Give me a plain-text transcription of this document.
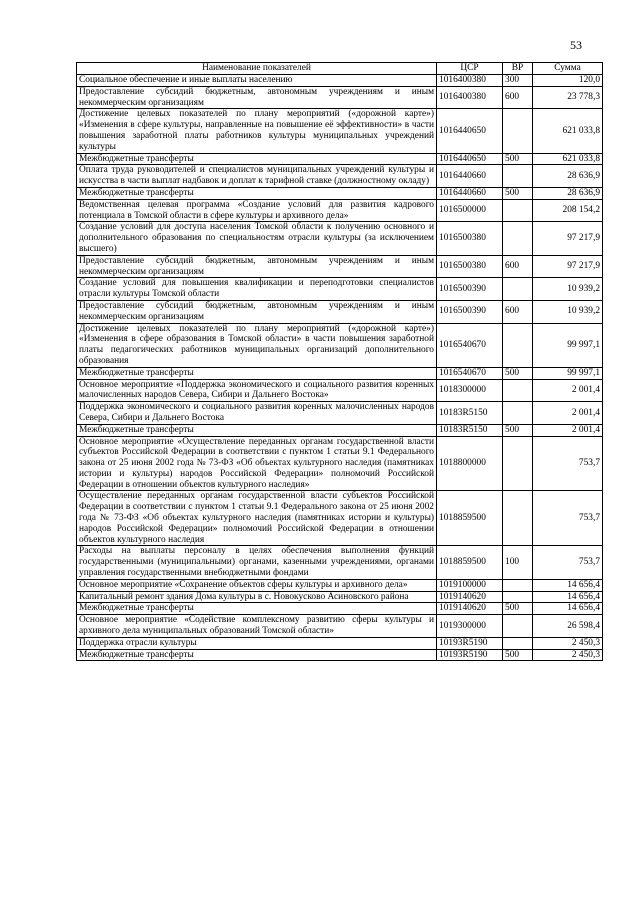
53
Наименование показателей	ЦСР	ВР	Сумма
Социальное обеспечение и иные выплаты населению	1016400380	300	120,0
Предоставление субсидий бюджетным, автономным учреждениям и иным некоммерческим организациям	1016400380	600	23 778,3
Достижение целевых показателей по плану мероприятий («дорожной карте») «Изменения в сфере культуры, направленные на повышение её эффективности» в части повышения заработной платы работников культуры муниципальных учреждений культуры	1016440650		621 033,8
Межбюджетные трансферты	1016440650	500	621 033,8
Оплата труда руководителей и специалистов муниципальных учреждений культуры и искусства в части выплат надбавок и доплат к тарифной ставке (должностному окладу)	1016440660		28 636,9
Межбюджетные трансферты	1016440660	500	28 636,9
Ведомственная целевая программа «Создание условий для развития кадрового потенциала в Томской области в сфере культуры и архивного дела»	1016500000		208 154,2
Создание условий для доступа населения Томской области к получению основного и дополнительного образования по специальностям отрасли культуры (за исключением высшего)	1016500380		97 217,9
Предоставление субсидий бюджетным, автономным учреждениям и иным некоммерческим организациям	1016500380	600	97 217,9
Создание условий для повышения квалификации и переподготовки специалистов отрасли культуры Томской области	1016500390		10 939,2
Предоставление субсидий бюджетным, автономным учреждениям и иным некоммерческим организациям	1016500390	600	10 939,2
Достижение целевых показателей по плану мероприятий («дорожной карте») «Изменения в сфере образования в Томской области» в части повышения заработной платы педагогических работников муниципальных организаций дополнительного образования	1016540670		99 997,1
Межбюджетные трансферты	1016540670	500	99 997,1
Основное мероприятие «Поддержка экономического и социального развития коренных малочисленных народов Севера, Сибири и Дальнего Востока»	1018300000		2 001,4
Поддержка экономического и социального развития коренных малочисленных народов Севера, Сибири и Дальнего Востока	10183R5150		2 001,4
Межбюджетные трансферты	10183R5150	500	2 001,4
Основное мероприятие «Осуществление переданных органам государственной власти субъектов Российской Федерации в соответствии с пунктом 1 статьи 9.1 Федерального закона от 25 июня 2002 года № 73-ФЗ «Об объектах культурного наследия (памятниках истории и культуры) народов Российской Федерации» полномочий Российской Федерации в отношении объектов культурного наследия»	1018800000		753,7
Осуществление переданных органам государственной власти субъектов Российской Федерации в соответствии с пунктом 1 статьи 9.1 Федерального закона от 25 июня 2002 года № 73-ФЗ «Об объектах культурного наследия (памятниках истории и культуры) народов Российской Федерации» полномочий Российской Федерации в отношении объектов культурного наследия	1018859500		753,7
Расходы на выплаты персоналу в целях обеспечения выполнения функций государственными (муниципальными) органами, казенными учреждениями, органами управления государственными внебюджетными фондами	1018859500	100	753,7
Основное мероприятие «Сохранение объектов сферы культуры и архивного дела»	1019100000		14 656,4
Капитальный ремонт здания Дома культуры в с. Новокусково Асиновского района	1019140620		14 656,4
Межбюджетные трансферты	1019140620	500	14 656,4
Основное мероприятие «Содействие комплексному развитию сферы культуры и архивного дела муниципальных образований Томской области»	1019300000		26 598,4
Поддержка отрасли культуры	10193R5190		2 450,3
Межбюджетные трансферты	10193R5190	500	2 450,3
